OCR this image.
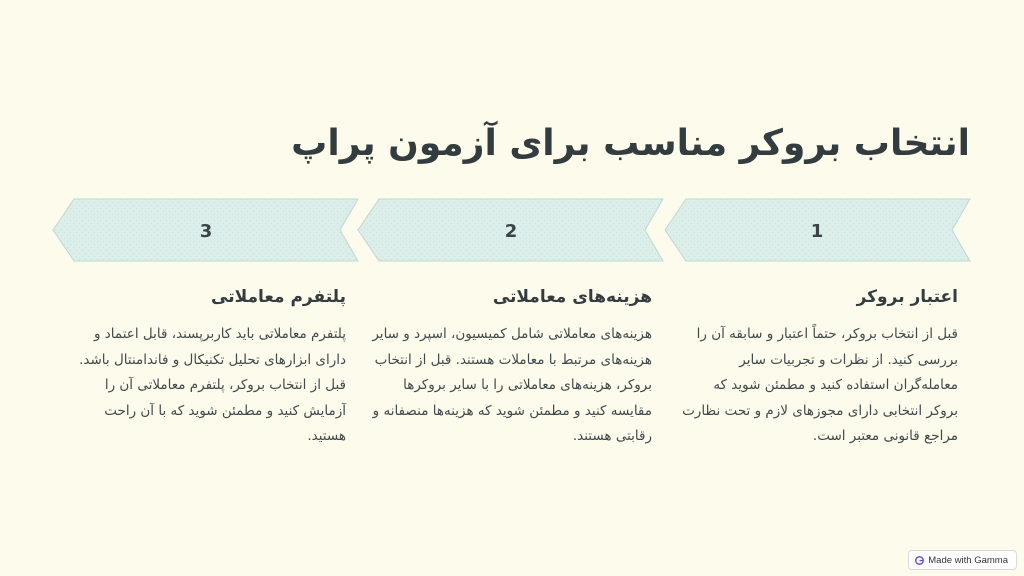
انتخاب بروکر مناسب برای آزمون پراپ
1
2
3
اعتبار بروکر

قبل از انتخاب بروکر، حتماً اعتبار و سابقه آن را بررسی کنید. از نظرات و تجربیات سایر معامله‌گران استفاده کنید و مطمئن شوید که بروکر انتخابی دارای مجوزهای لازم و تحت نظارت مراجع قانونی معتبر است.

هزینه‌های معاملاتی

هزینه‌های معاملاتی شامل کمیسیون، اسپرد و سایر هزینه‌های مرتبط با معاملات هستند. قبل از انتخاب بروکر، هزینه‌های معاملاتی را با سایر بروکرها مقایسه کنید و مطمئن شوید که هزینه‌ها منصفانه و رقابتی هستند.

پلتفرم معاملاتی

پلتفرم معاملاتی باید کاربرپسند، قابل اعتماد و دارای ابزارهای تحلیل تکنیکال و فاندامنتال باشد. قبل از انتخاب بروکر، پلتفرم معاملاتی آن را آزمایش کنید و مطمئن شوید که با آن راحت هستید.

Made with Gamma
